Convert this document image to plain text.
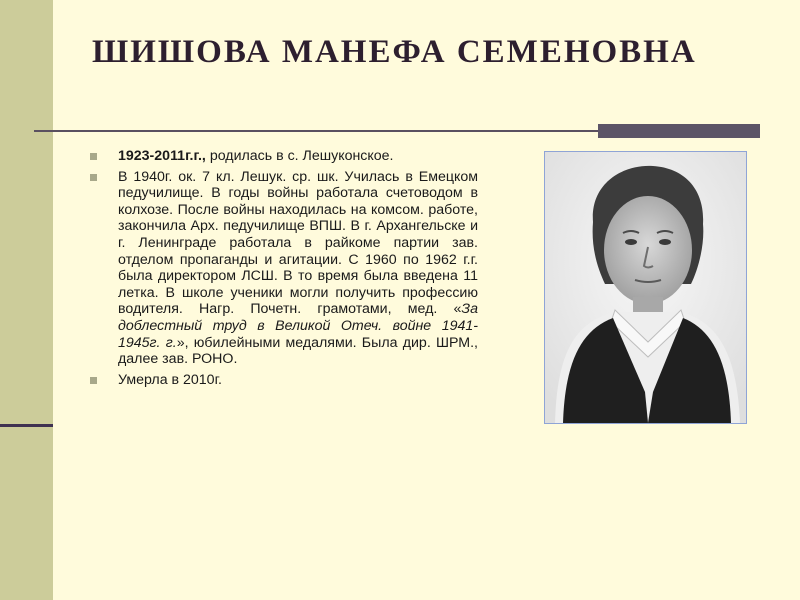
ШИШОВА МАНЕФА СЕМЕНОВНА
1923-2011г.г., родилась в с. Лешуконское.
В 1940г. ок. 7 кл. Лешук. ср. шк. Училась в Емецком педучилище. В годы войны работала счетоводом в колхозе. После войны находилась на комсом. работе, закончила Арх. педучилище ВПШ. В г. Архангельске и г. Ленинграде работала в райкоме партии зав. отделом пропаганды и агитации. С 1960 по 1962 г.г. была директором ЛСШ. В то время была введена 11 летка. В школе ученики могли получить профессию водителя. Нагр. Почетн. грамотами, мед. «За доблестный труд в Великой Отеч. войне 1941-1945г. г.», юбилейными медалями. Была дир. ШРМ., далее зав. РОНО.
Умерла в 2010г.
